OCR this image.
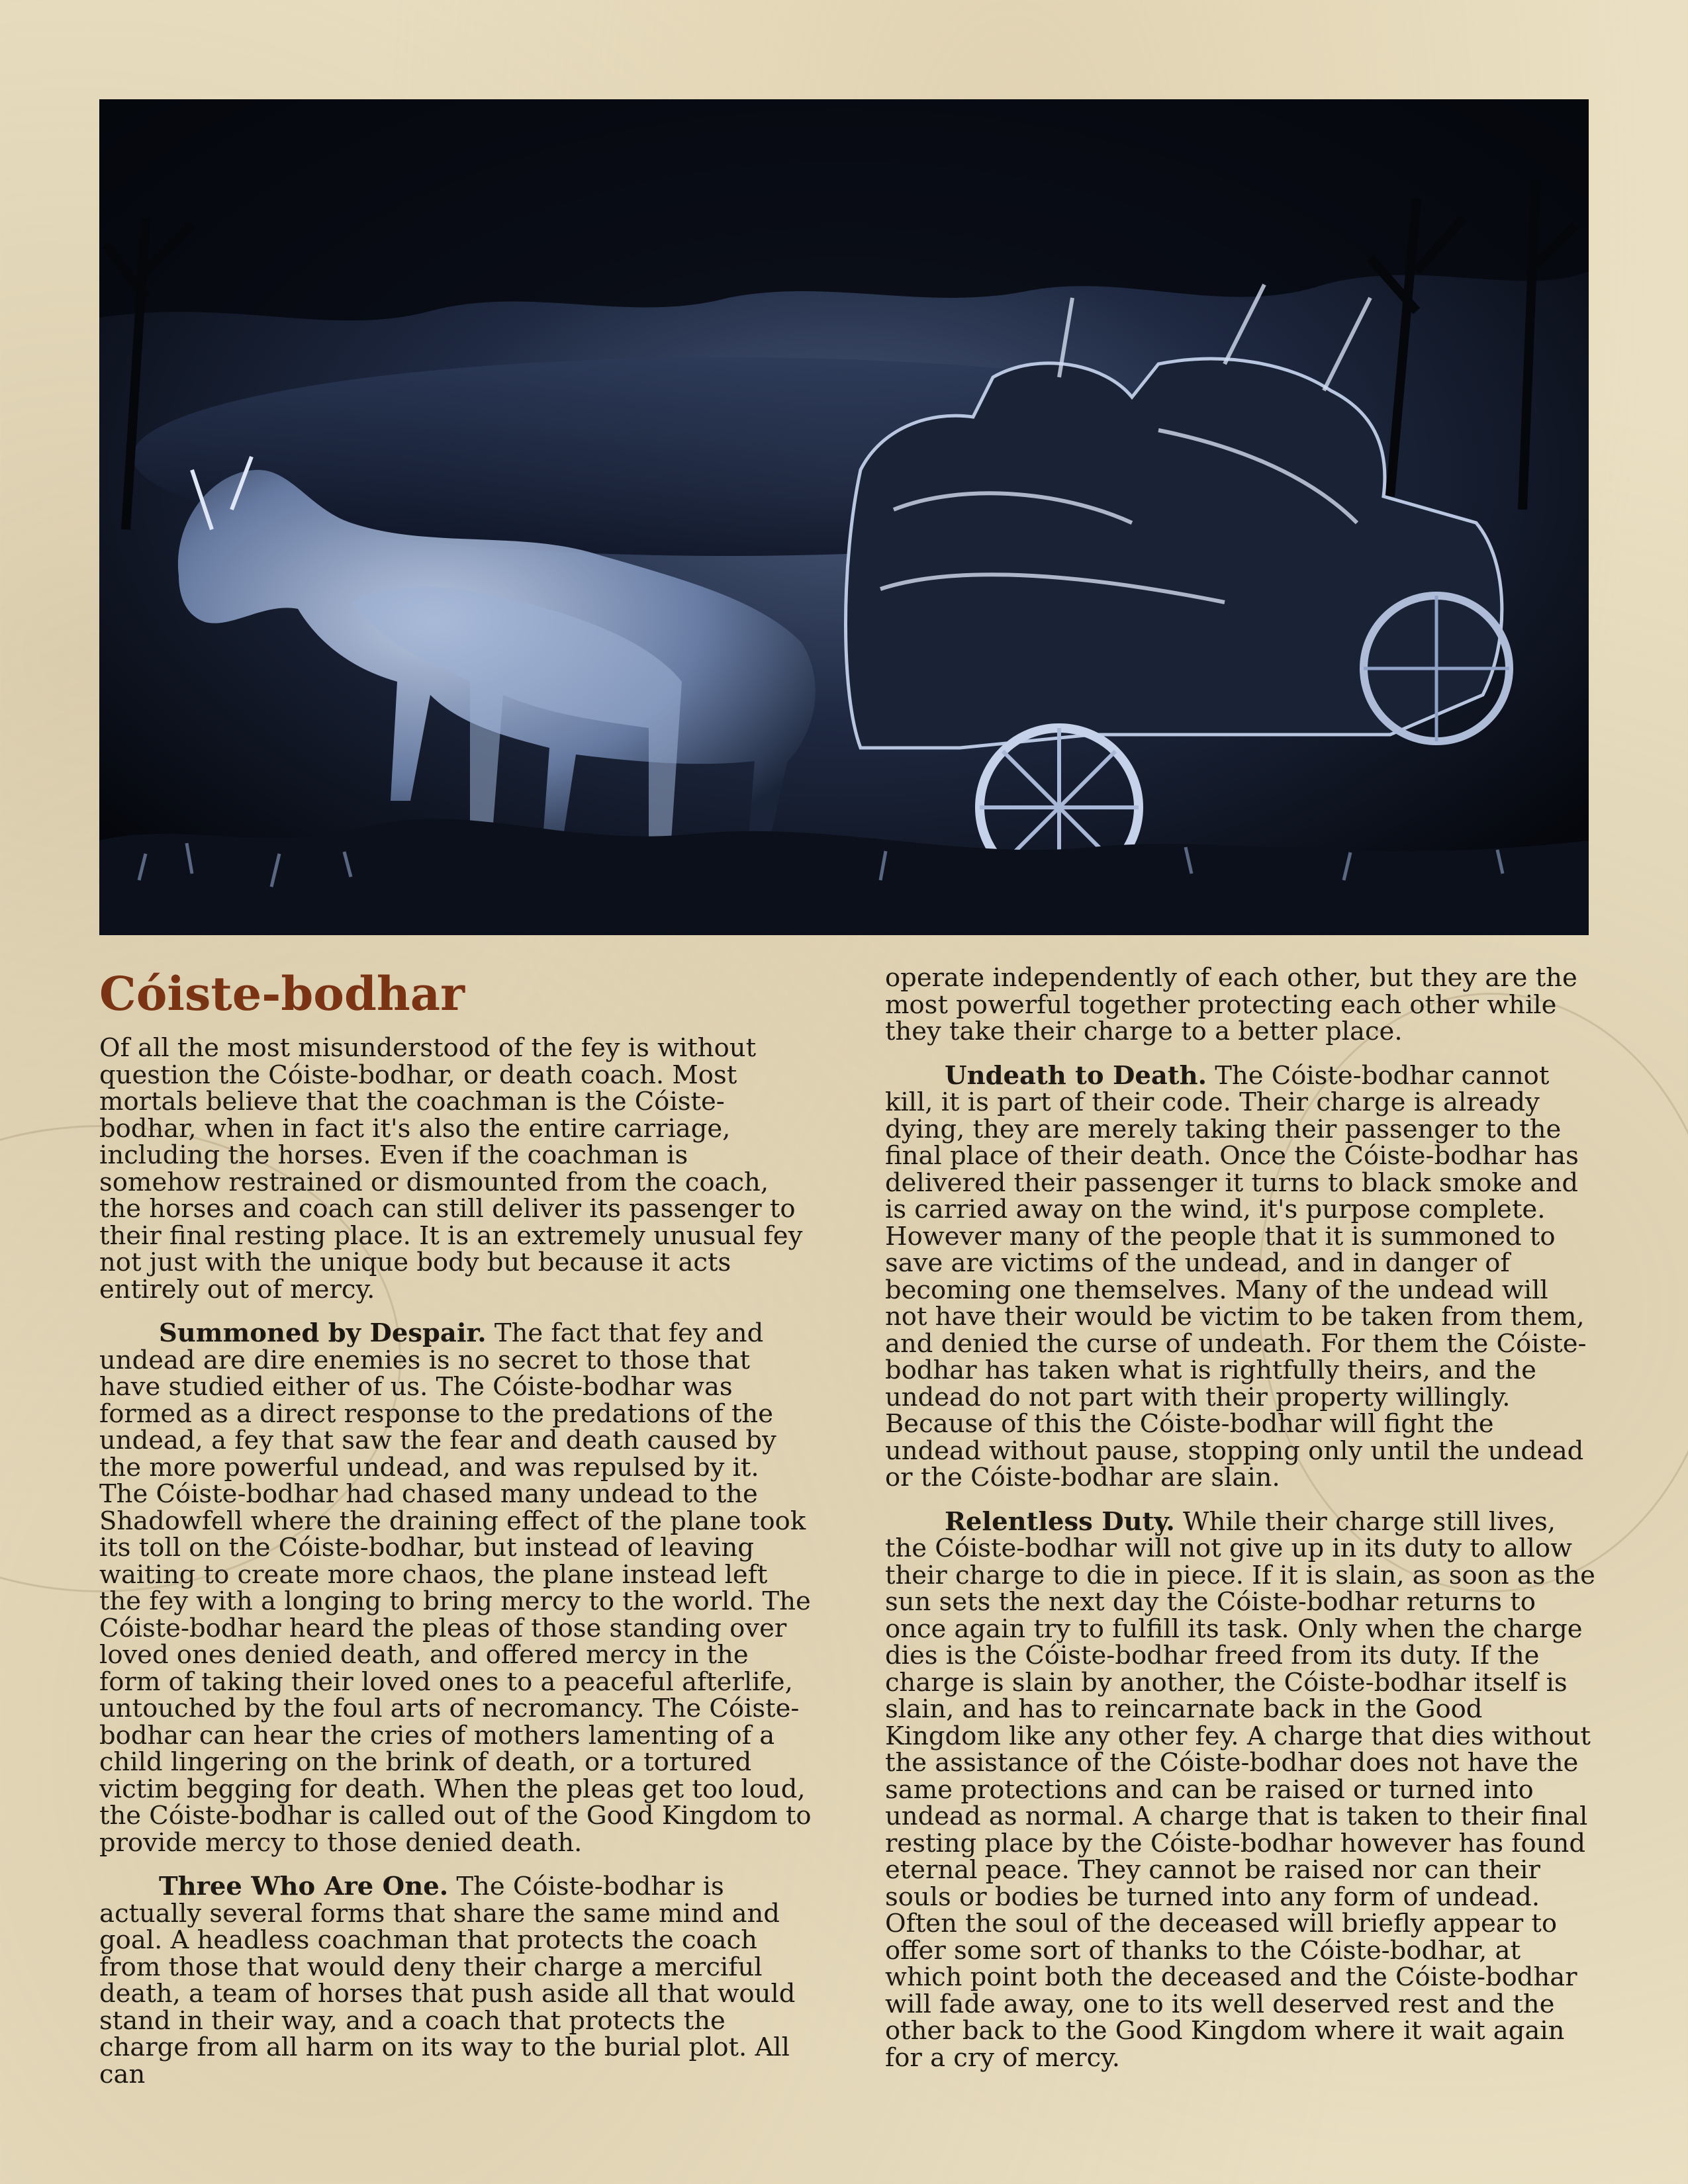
Cóiste-bodhar

Of all the most misunderstood of the fey is without question the Cóiste-bodhar, or death coach. Most mortals believe that the coachman is the Cóiste-bodhar, when in fact it's also the entire carriage, including the horses. Even if the coachman is somehow restrained or dismounted from the coach, the horses and coach can still deliver its passenger to their final resting place. It is an extremely unusual fey not just with the unique body but because it acts entirely out of mercy.

Summoned by Despair. The fact that fey and undead are dire enemies is no secret to those that have studied either of us. The Cóiste-bodhar was formed as a direct response to the predations of the undead, a fey that saw the fear and death caused by the more powerful undead, and was repulsed by it. The Cóiste-bodhar had chased many undead to the Shadowfell where the draining effect of the plane took its toll on the Cóiste-bodhar, but instead of leaving waiting to create more chaos, the plane instead left the fey with a longing to bring mercy to the world. The Cóiste-bodhar heard the pleas of those standing over loved ones denied death, and offered mercy in the form of taking their loved ones to a peaceful afterlife, untouched by the foul arts of necromancy. The Cóiste-bodhar can hear the cries of mothers lamenting of a child lingering on the brink of death, or a tortured victim begging for death. When the pleas get too loud, the Cóiste-bodhar is called out of the Good Kingdom to provide mercy to those denied death.

Three Who Are One. The Cóiste-bodhar is actually several forms that share the same mind and goal. A headless coachman that protects the coach from those that would deny their charge a merciful death, a team of horses that push aside all that would stand in their way, and a coach that protects the charge from all harm on its way to the burial plot. All can

operate independently of each other, but they are the most powerful together protecting each other while they take their charge to a better place.

Undeath to Death. The Cóiste-bodhar cannot kill, it is part of their code. Their charge is already dying, they are merely taking their passenger to the final place of their death. Once the Cóiste-bodhar has delivered their passenger it turns to black smoke and is carried away on the wind, it's purpose complete. However many of the people that it is summoned to save are victims of the undead, and in danger of becoming one themselves. Many of the undead will not have their would be victim to be taken from them, and denied the curse of undeath. For them the Cóiste-bodhar has taken what is rightfully theirs, and the undead do not part with their property willingly. Because of this the Cóiste-bodhar will fight the undead without pause, stopping only until the undead or the Cóiste-bodhar are slain.

Relentless Duty. While their charge still lives, the Cóiste-bodhar will not give up in its duty to allow their charge to die in piece. If it is slain, as soon as the sun sets the next day the Cóiste-bodhar returns to once again try to fulfill its task. Only when the charge dies is the Cóiste-bodhar freed from its duty. If the charge is slain by another, the Cóiste-bodhar itself is slain, and has to reincarnate back in the Good Kingdom like any other fey. A charge that dies without the assistance of the Cóiste-bodhar does not have the same protections and can be raised or turned into undead as normal. A charge that is taken to their final resting place by the Cóiste-bodhar however has found eternal peace. They cannot be raised nor can their souls or bodies be turned into any form of undead. Often the soul of the deceased will briefly appear to offer some sort of thanks to the Cóiste-bodhar, at which point both the deceased and the Cóiste-bodhar will fade away, one to its well deserved rest and the other back to the Good Kingdom where it wait again for a cry of mercy.
